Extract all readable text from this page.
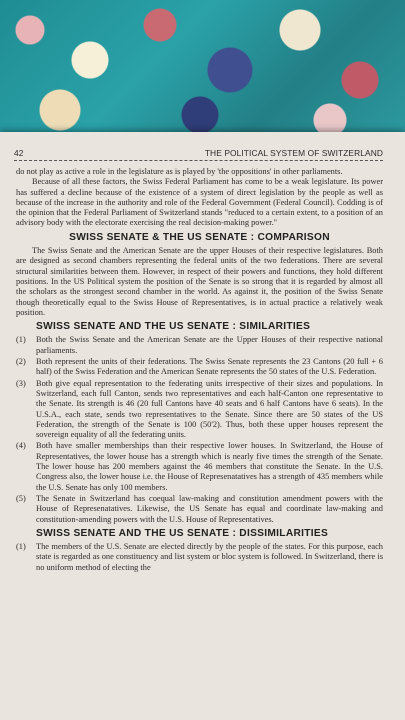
42	THE POLITICAL SYSTEM OF SWITZERLAND

do not play as active a role in the legislature as is played by 'the oppositions' in other parliaments.

Because of all these factors, the Swiss Federal Parliament has come to be a weak legislature. Its power has suffered a decline because of the existence of a system of direct legislation by the people as well as because of the increase in the authority and role of the Federal Government (Federal Council). Codding is of the opinion that the Federal Parliament of Switzerland stands "reduced to a certain extent, to a position of an advisory body with the electorate exercising the real decision-making power."

SWISS SENATE & THE US SENATE : COMPARISON

The Swiss Senate and the American Senate are the upper Houses of their respective legislatures. Both are designed as second chambers representing the federal units of the two federations. There are several structural similarities between them. However, in respect of their powers and functions, they hold different positions. In the US Political system the position of the Senate is so strong that it is regarded by almost all the scholars as the strongest second chamber in the world. As against it, the position of the Swiss Senate though theoretically equal to the Swiss House of Representatives, is in actual practice a relatively weak position.

SWISS SENATE AND THE US SENATE : SIMILARITIES
(1) Both the Swiss Senate and the American Senate are the Upper Houses of their respective national parliaments.
(2) Both represent the units of their federations. The Swiss Senate represents the 23 Cantons (20 full + 6 half) of the Swiss Federation and the American Senate represents the 50 states of the U.S. Federation.
(3) Both give equal representation to the federating units irrespective of their sizes and populations. In Switzerland, each full Canton, sends two representatives and each half-Canton one representative to the Senate. Its strength is 46 (20 full Cantons have 40 seats and 6 half Cantons have 6 seats). In the U.S.A., each state, sends two representatives to the Senate. Since there are 50 states of the US Federation, the strength of the Senate is 100 (50'2). Thus, both these upper houses represent the sovereign equality of all the federating units.
(4) Both have smaller memberships than their respective lower houses. In Switzerland, the House of Representatives, the lower house has a strength which is nearly five times the strength of the Senate. The lower house has 200 members against the 46 members that constitute the Senate. In the U.S. Congress also, the lower house i.e. the House of Represenatatives has a strength of 435 members while the U.S. Senate has only 100 members.
(5) The Senate in Switzerland has coequal law-making and constitution amendment powers with the House of Represenatatives. Likewise, the US Senate has equal and coordinate law-making and constitution-amending powers with the U.S. House of Representatives.
SWISS SENATE AND THE US SENATE : DISSIMILARITIES
(1) The members of the U.S. Senate are elected directly by the people of the states. For this purpose, each state is regarded as one constituency and list system or bloc system is followed. In Switzerland, there is no uniform method of electing the
